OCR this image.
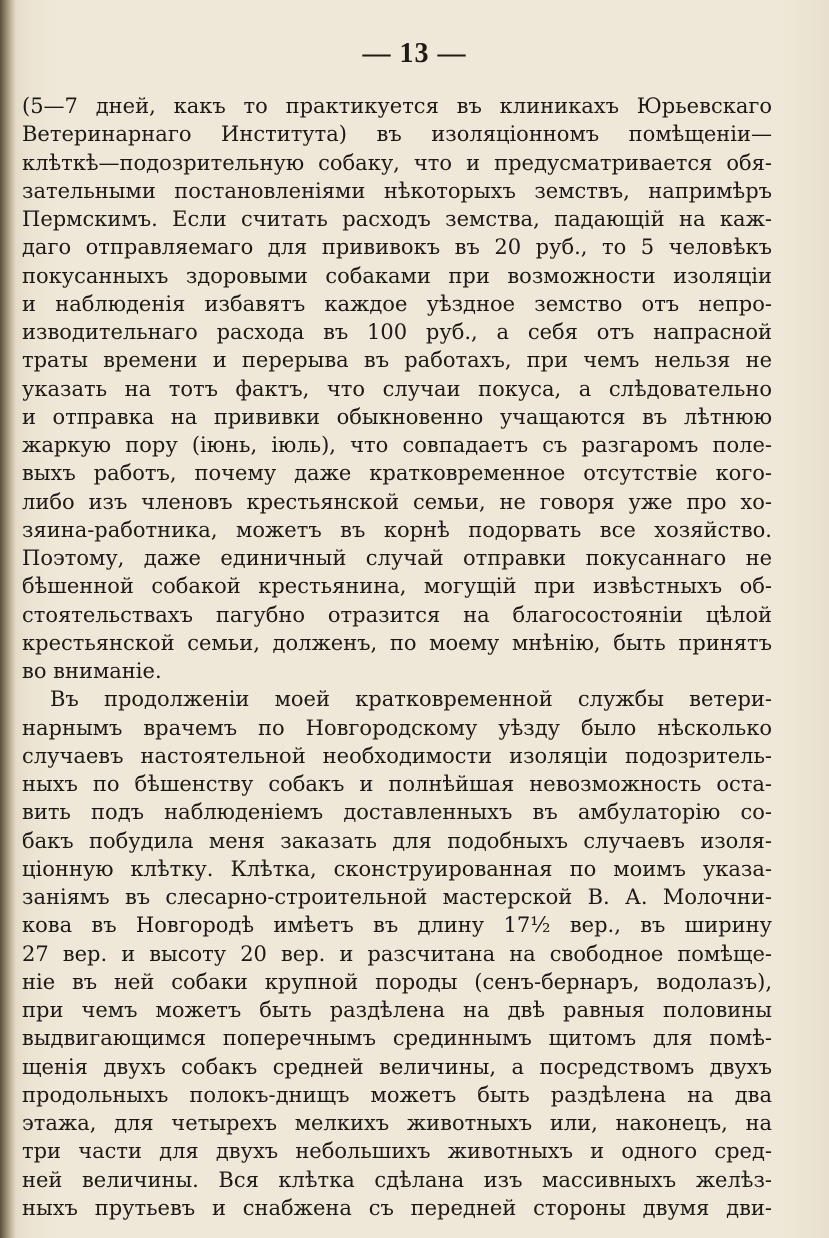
— 13 —
(5—7 дней, какъ то практикуется въ клиникахъ Юрьевскаго
Ветеринарнаго Института) въ изоляціонномъ помѣщеніи—
клѣткѣ—подозрительную собаку, что и предусматривается обя-
зательными постановленіями нѣкоторыхъ земствъ, напримѣръ
Пермскимъ. Если считать расходъ земства, падающій на каж-
даго отправляемаго для прививокъ въ 20 руб., то 5 человѣкъ
покусанныхъ здоровыми собаками при возможности изоляціи
и наблюденія избавятъ каждое уѣздное земство отъ непро-
изводительнаго расхода въ 100 руб., а себя отъ напрасной
траты времени и перерыва въ работахъ, при чемъ нельзя не
указать на тотъ фактъ, что случаи покуса, а слѣдовательно
и отправка на прививки обыкновенно учащаются въ лѣтнюю
жаркую пору (іюнь, іюль), что совпадаетъ съ разгаромъ поле-
выхъ работъ, почему даже кратковременное отсутствіе кого-
либо изъ членовъ крестьянской семьи, не говоря уже про хо-
зяина-работника, можетъ въ корнѣ подорвать все хозяйство.
Поэтому, даже единичный случай отправки покусаннаго не
бѣшенной собакой крестьянина, могущій при извѣстныхъ об-
стоятельствахъ пагубно отразится на благосостояніи цѣлой
крестьянской семьи, долженъ, по моему мнѣнію, быть принятъ
во вниманіе.
Въ продолженіи моей кратковременной службы ветери-
нарнымъ врачемъ по Новгородскому уѣзду было нѣсколько
случаевъ настоятельной необходимости изоляціи подозритель-
ныхъ по бѣшенству собакъ и полнѣйшая невозможность оста-
вить подъ наблюденіемъ доставленныхъ въ амбулаторію со-
бакъ побудила меня заказать для подобныхъ случаевъ изоля-
ціонную клѣтку. Клѣтка, сконструированная по моимъ указа-
заніямъ въ слесарно-строительной мастерской В. А. Молочни-
кова въ Новгородѣ имѣетъ въ длину 17½ вер., въ ширину
27 вер. и высоту 20 вер. и разсчитана на свободное помѣще-
ніе въ ней собаки крупной породы (сенъ-бернаръ, водолазъ),
при чемъ можетъ быть раздѣлена на двѣ равныя половины
выдвигающимся поперечнымъ срединнымъ щитомъ для помѣ-
щенія двухъ собакъ средней величины, а посредствомъ двухъ
продольныхъ полокъ-днищъ можетъ быть раздѣлена на два
этажа, для четырехъ мелкихъ животныхъ или, наконецъ, на
три части для двухъ небольшихъ животныхъ и одного сред-
ней величины. Вся клѣтка сдѣлана изъ массивныхъ желѣз-
ныхъ прутьевъ и снабжена съ передней стороны двумя дви-
